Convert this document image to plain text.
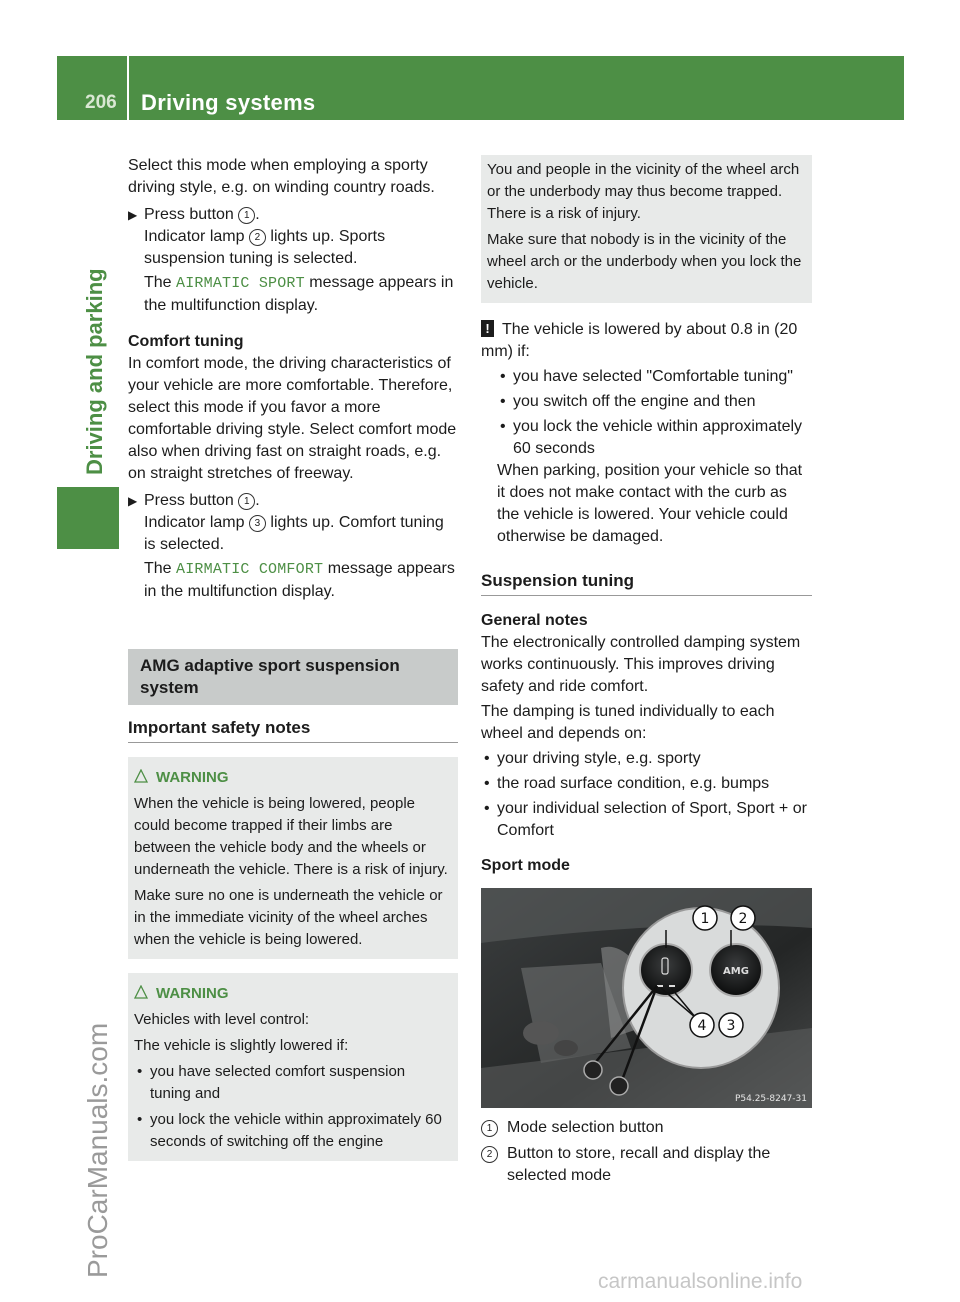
206 Driving systems
Driving and parking
ProCarManuals.com
carmanualsonline.info

Select this mode when employing a sporty driving style, e.g. on winding country roads.

▶ Press button 1 .

Indicator lamp 2 lights up. Sports suspension tuning is selected.

The AIRMATIC SPORT message appears in the multifunction display.

Comfort tuning

In comfort mode, the driving characteristics of your vehicle are more comfortable. Therefore, select this mode if you favor a more comfortable driving style. Select comfort mode also when driving fast on straight roads, e.g. on straight stretches of freeway.

▶ Press button 1 .

Indicator lamp 3 lights up. Comfort tuning is selected.

The AIRMATIC COMFORT message appears in the multifunction display.

AMG adaptive sport suspension system
Important safety notes
WARNING

When the vehicle is being lowered, people could become trapped if their limbs are between the vehicle body and the wheels or underneath the vehicle. There is a risk of injury.

Make sure no one is underneath the vehicle or in the immediate vicinity of the wheel arches when the vehicle is being lowered.

WARNING

Vehicles with level control:

The vehicle is slightly lowered if:

• you have selected comfort suspension tuning and

• you lock the vehicle within approximately 60 seconds of switching off the engine

You and people in the vicinity of the wheel arch or the underbody may thus become trapped. There is a risk of injury.

Make sure that nobody is in the vicinity of the wheel arch or the underbody when you lock the vehicle.

! The vehicle is lowered by about 0.8 in (20 mm) if:

• you have selected "Comfortable tuning"

• you switch off the engine and then

• you lock the vehicle within approximately 60 seconds

When parking, position your vehicle so that it does not make contact with the curb as the vehicle is lowered. Your vehicle could otherwise be damaged.

Suspension tuning

General notes

The electronically controlled damping system works continuously. This improves driving safety and ride comfort.

The damping is tuned individually to each wheel and depends on:

• your driving style, e.g. sporty

• the road surface condition, e.g. bumps

• your individual selection of Sport, Sport + or Comfort

Sport mode

AMG
1 2
3
4
P54.25-8247-31

1 Mode selection button

2 Button to store, recall and display the selected mode
